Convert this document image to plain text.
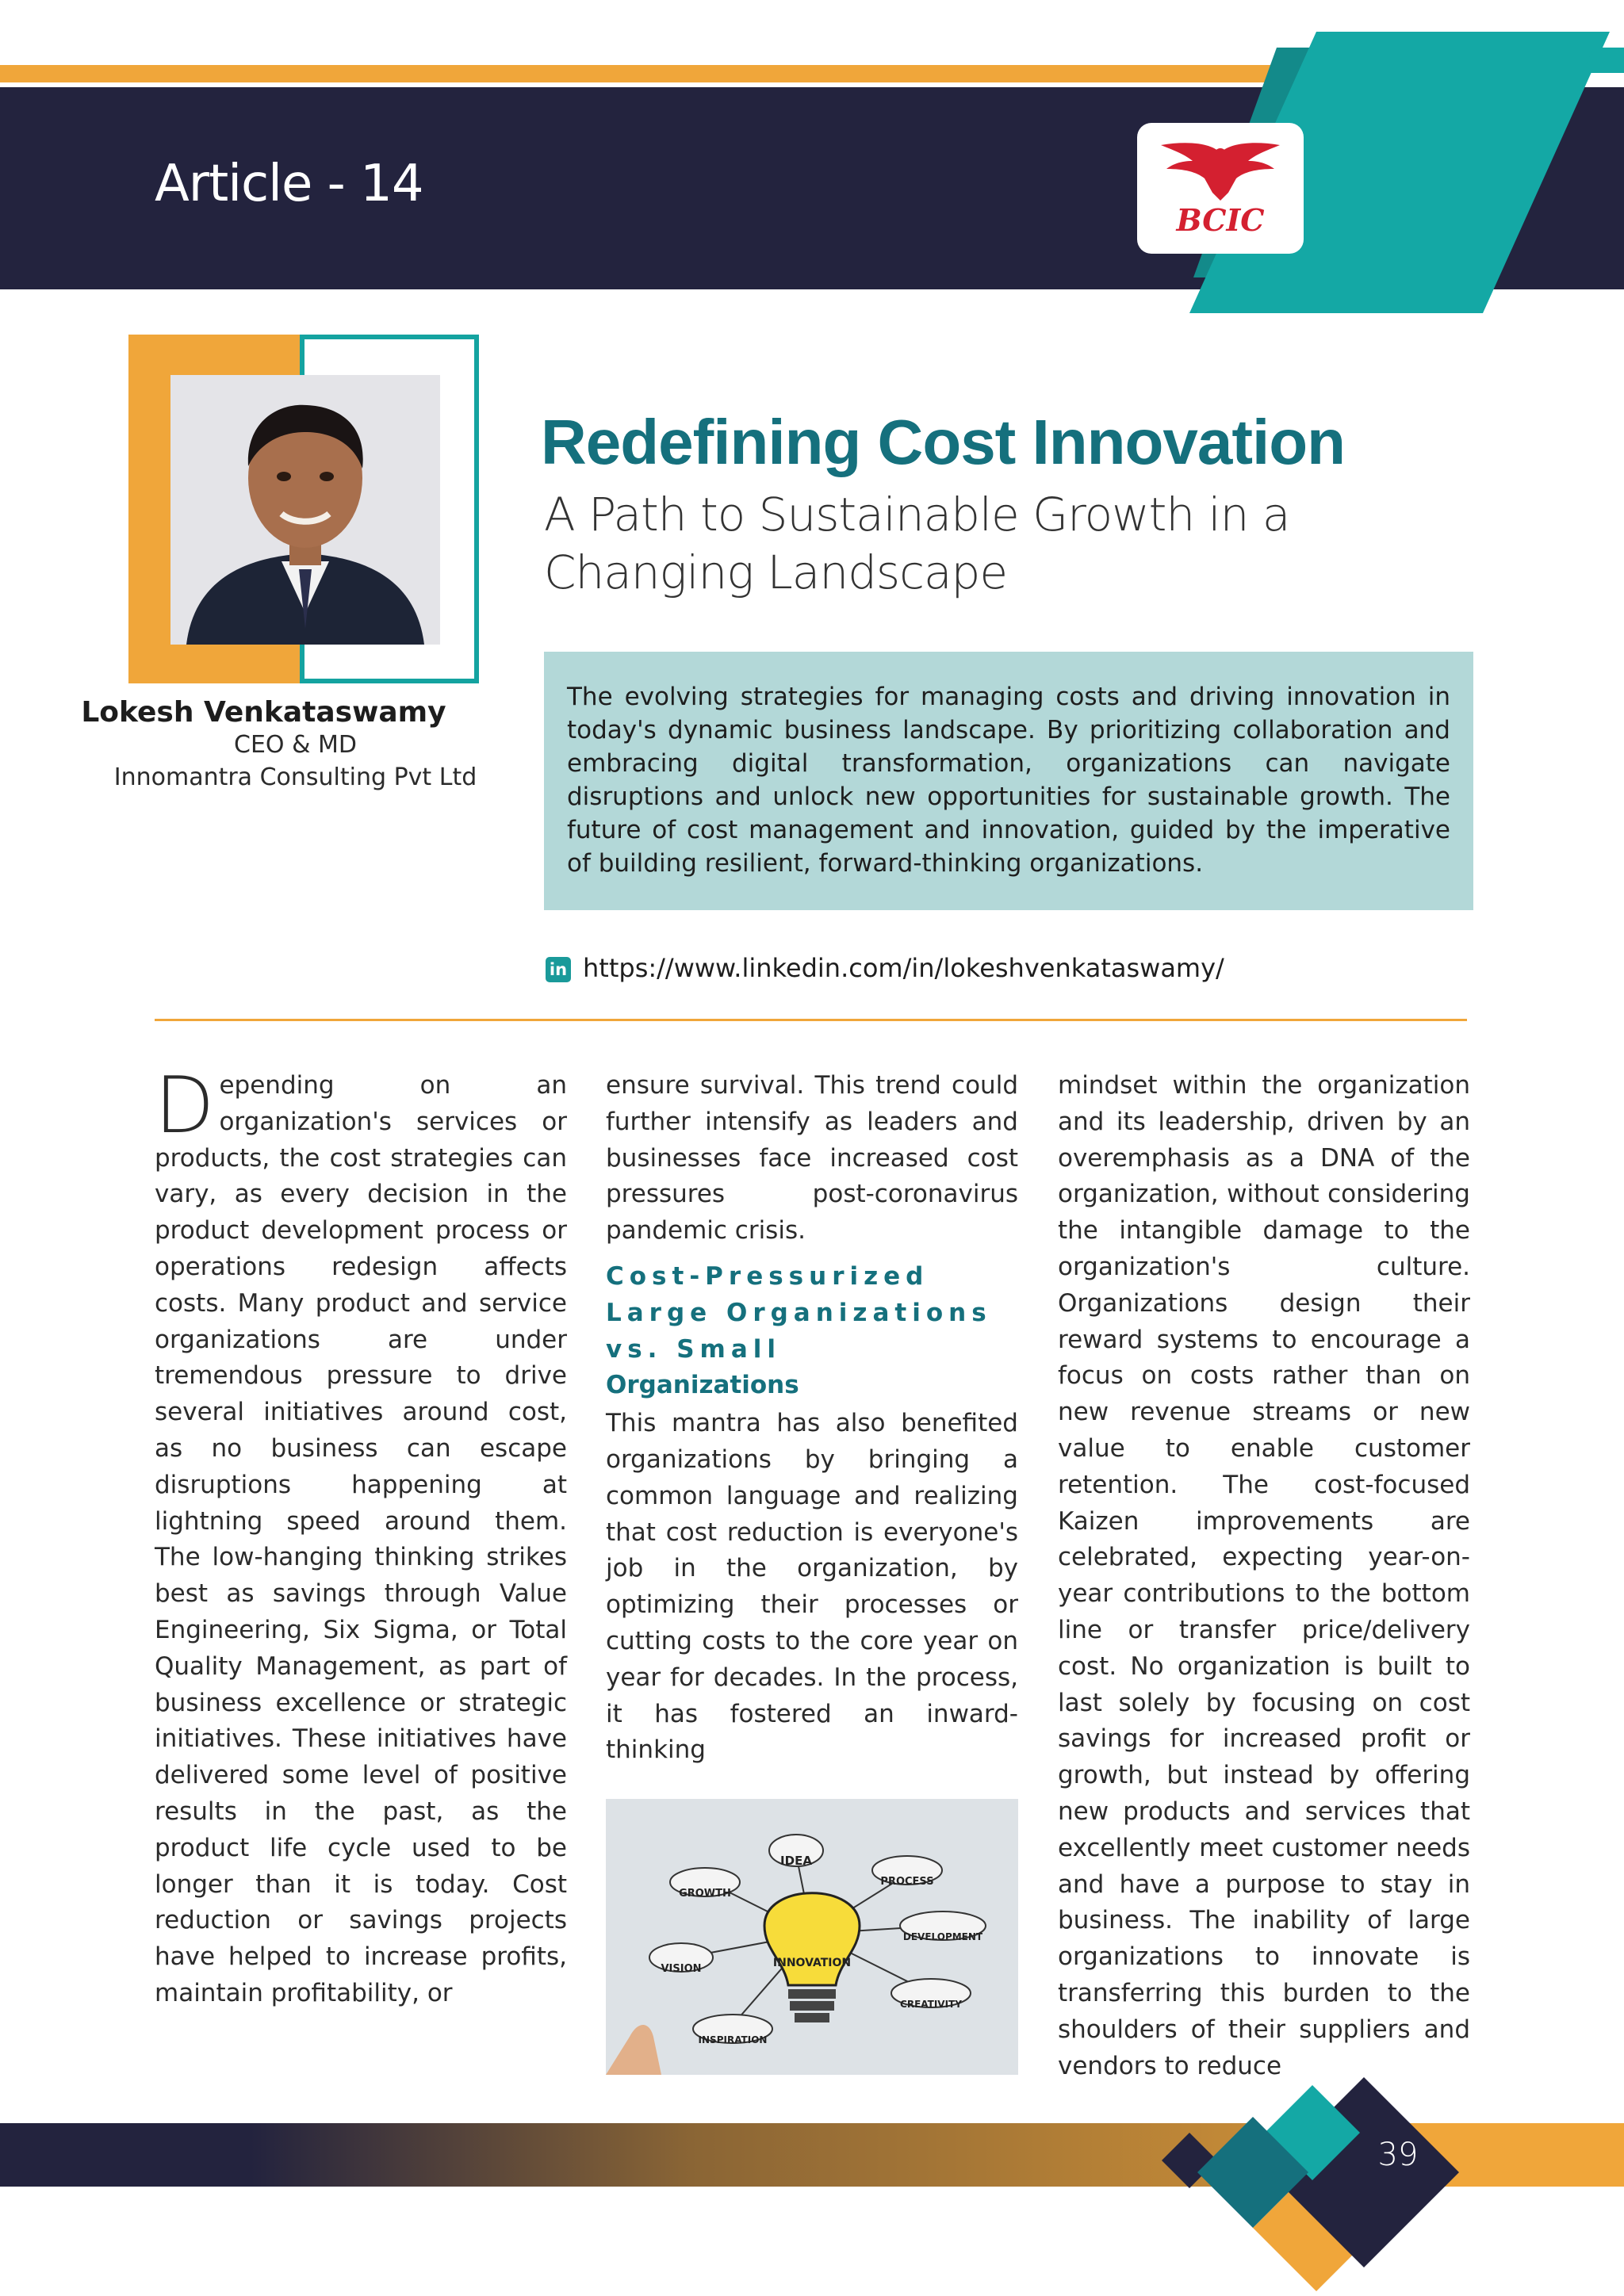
Article - 14
BCIC
Lokesh Venkataswamy
CEO & MD
Innomantra Consulting Pvt Ltd
Redefining Cost Innovation
A Path to Sustainable Growth in a
Changing Landscape
The evolving strategies for managing costs and driving innovation in today's dynamic business landscape. By prioritizing collaboration and embracing digital transformation, organizations can navigate disruptions and unlock new opportunities for sustainable growth. The future of cost management and innovation, guided by the imperative of building resilient, forward-thinking organizations.
in https://www.linkedin.com/in/lokeshvenkataswamy/
D epending on an organization's services or products, the cost strategies can vary, as every decision in the product development process or operations redesign affects costs. Many product and service organizations are under tremendous pressure to drive several initiatives around cost, as no business can escape disruptions happening at lightning speed around them. The low-hanging thinking strikes best as savings through Value Engineering, Six Sigma, or Total Quality Management, as part of business excellence or strategic initiatives. These initiatives have delivered some level of positive results in the past, as the product life cycle used to be longer than it is today. Cost reduction or savings projects have helped to increase profits, maintain profitability, or
ensure survival. This trend could further intensify as leaders and businesses face increased cost pressures post-coronavirus pandemic crisis.
Cost-Pressurized Large Organizations vs. Small
Organizations
This mantra has also benefited organizations by bringing a common language and realizing that cost reduction is everyone's job in the organization, by optimizing their processes or cutting costs to the core year on year for decades. In the process, it has fostered an inward-thinking
INNOVATION
IDEA
GROWTH
PROCESS
VISION
DEVELOPMENT
CREATIVITY
INSPIRATION
mindset within the organization and its leadership, driven by an overemphasis as a DNA of the organization, without considering the intangible damage to the organization's culture. Organizations design their reward systems to encourage a focus on costs rather than on new revenue streams or new value to enable customer retention. The cost-focused Kaizen improvements are celebrated, expecting year-on-year contributions to the bottom line or transfer price/delivery cost. No organization is built to last solely by focusing on cost savings for increased profit or growth, but instead by offering new products and services that excellently meet customer needs and have a purpose to stay in business. The inability of large organizations to innovate is transferring this burden to the shoulders of their suppliers and vendors to reduce
39
